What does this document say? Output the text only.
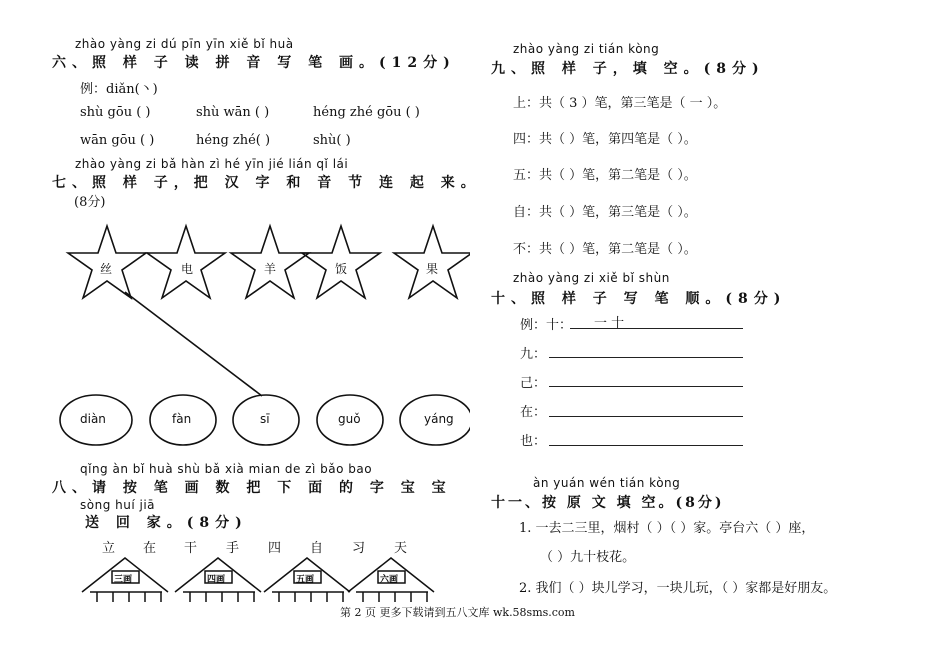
zhào yàng zi dú pīn yīn xiě bǐ huà
六、照 样 子 读 拼 音 写 笔 画。(12分)
例：diǎn(丶)
shù gōu ( )	shù wān ( )	héng zhé gōu ( )
wān gōu ( )	héng zhé( )	shù( )
zhào yàng zi bǎ hàn zì hé yīn jié lián qǐ lái
七、照 样 子，把 汉 字 和 音 节 连 起 来。
(8分)
丝	电	羊	饭	果
diàn	fàn	sī	guǒ	yáng
qǐng àn bǐ huà shù bǎ xià mian de zì bǎo bao
八、请 按 笔 画 数 把 下 面 的 字 宝 宝
sòng huí jiā
送 回 家。(8分)
立 在 干 手 四 自 习 天
三画	四画	五画	六画
zhào yàng zi tián kòng
九、照 样 子，填 空。(8分)
上：共（ 3 ）笔，第三笔是（ 一 ）。
四：共（ ）笔，第四笔是（ ）。
五：共（ ）笔，第二笔是（ ）。
自：共（ ）笔，第三笔是（ ）。
不：共（ ）笔，第二笔是（ ）。
zhào yàng zi xiě bǐ shùn
十、照 样 子 写 笔 顺。(8分)
例：十： 一 十
九：
己：
在：
也：
àn yuán wén tián kòng
十一、按 原 文 填 空。(8分)
1. 一去二三里，烟村（ ）（ ）家。亭台六（ ）座，
（ ）九十枝花。
2. 我们（ ）块儿学习，一块儿玩，（ ）家都是好朋友。
第 2 页 更多下载请到五八文库 wk.58sms.com
